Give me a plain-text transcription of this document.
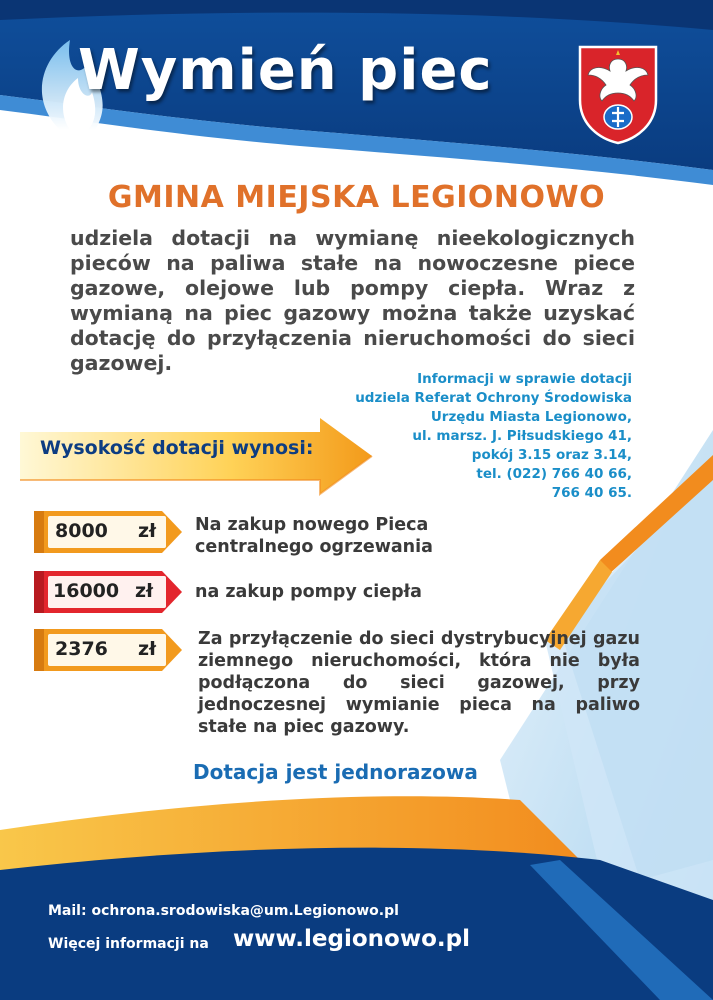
Wymień piec
GMINA MIEJSKA LEGIONOWO
udziela dotacji na wymianę nieekologicznych pieców na paliwa stałe na nowoczesne piece gazowe, olejowe lub pompy ciepła. Wraz z wymianą na piec gazowy można także uzyskać dotację do przyłączenia nieruchomości do sieci gazowej.
Informacji w sprawie dotacji
udziela Referat Ochrony Środowiska
Urzędu Miasta Legionowo,
ul. marsz. J. Piłsudskiego 41,
pokój 3.15 oraz 3.14,
tel. (022) 766 40 66,
766 40 65.
Wysokość dotacji wynosi:
8000 zł Na zakup nowego Pieca
centralnego ogrzewania
16000 zł na zakup pompy ciepła
2376 zł Za przyłączenie do sieci dystrybucyjnej gazu ziemnego nieruchomości, która nie była podłączona do sieci gazowej, przy jednoczesnej wymianie pieca na paliwo stałe na piec gazowy.
Dotacja jest jednorazowa
Mail: ochrona.srodowiska@um.Legionowo.pl
Więcej informacji na www.legionowo.pl
